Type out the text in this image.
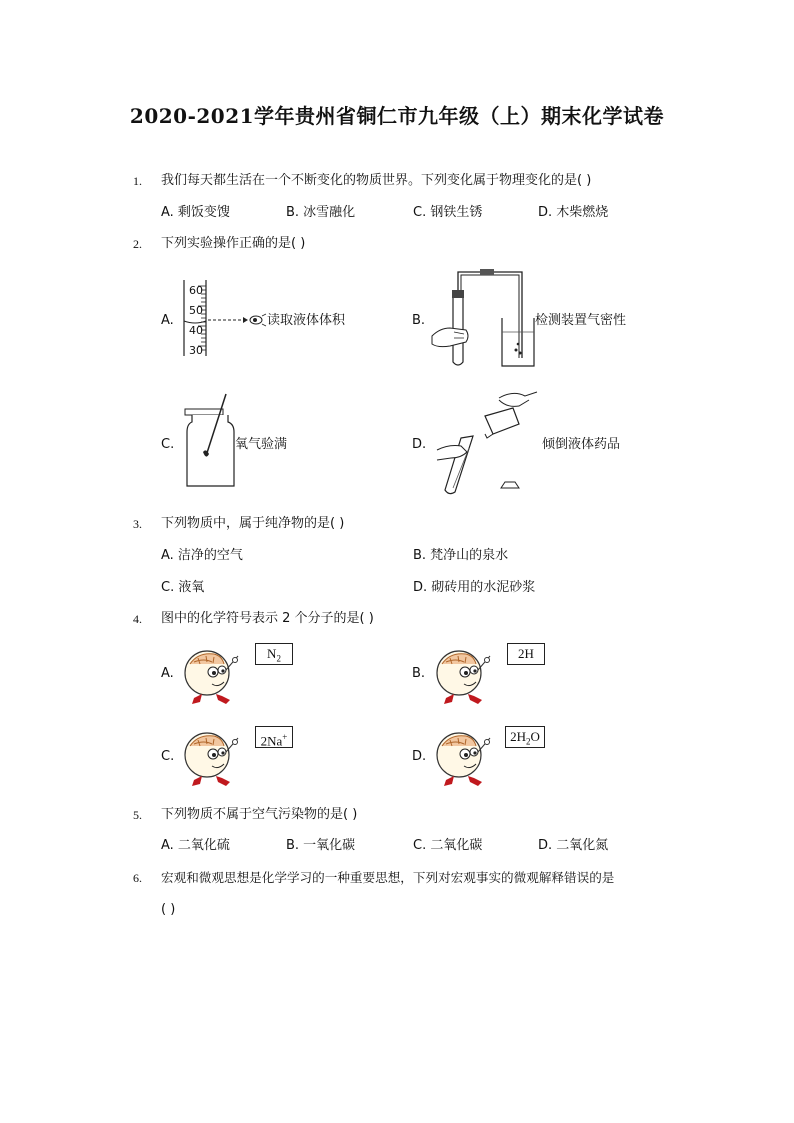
2020-2021学年贵州省铜仁市九年级（上）期末化学试卷
1. 我们每天都生活在一个不断变化的物质世界。下列变化属于物理变化的是( )
A. 剩饭变馊	B. 冰雪融化	C. 钢铁生锈	D. 木柴燃烧
2. 下列实验操作正确的是( )
A.
60
50
40
30
读取液体体积	B.	检测装置气密性
C.	氧气验满	D.	倾倒液体药品
3. 下列物质中，属于纯净物的是( )
A. 洁净的空气	B. 梵净山的泉水
C. 液氧	D. 砌砖用的水泥砂浆
4. 图中的化学符号表示 2 个分子的是( )
A.
$N_2$
B.
2H
C.
2Na+
D.
$2H_2O$
5. 下列物质不属于空气污染物的是( )
A. 二氧化硫	B. 一氧化碳	C. 二氧化碳	D. 二氧化氮
6. 宏观和微观思想是化学学习的一种重要思想，下列对宏观事实的微观解释错误的是
( )
